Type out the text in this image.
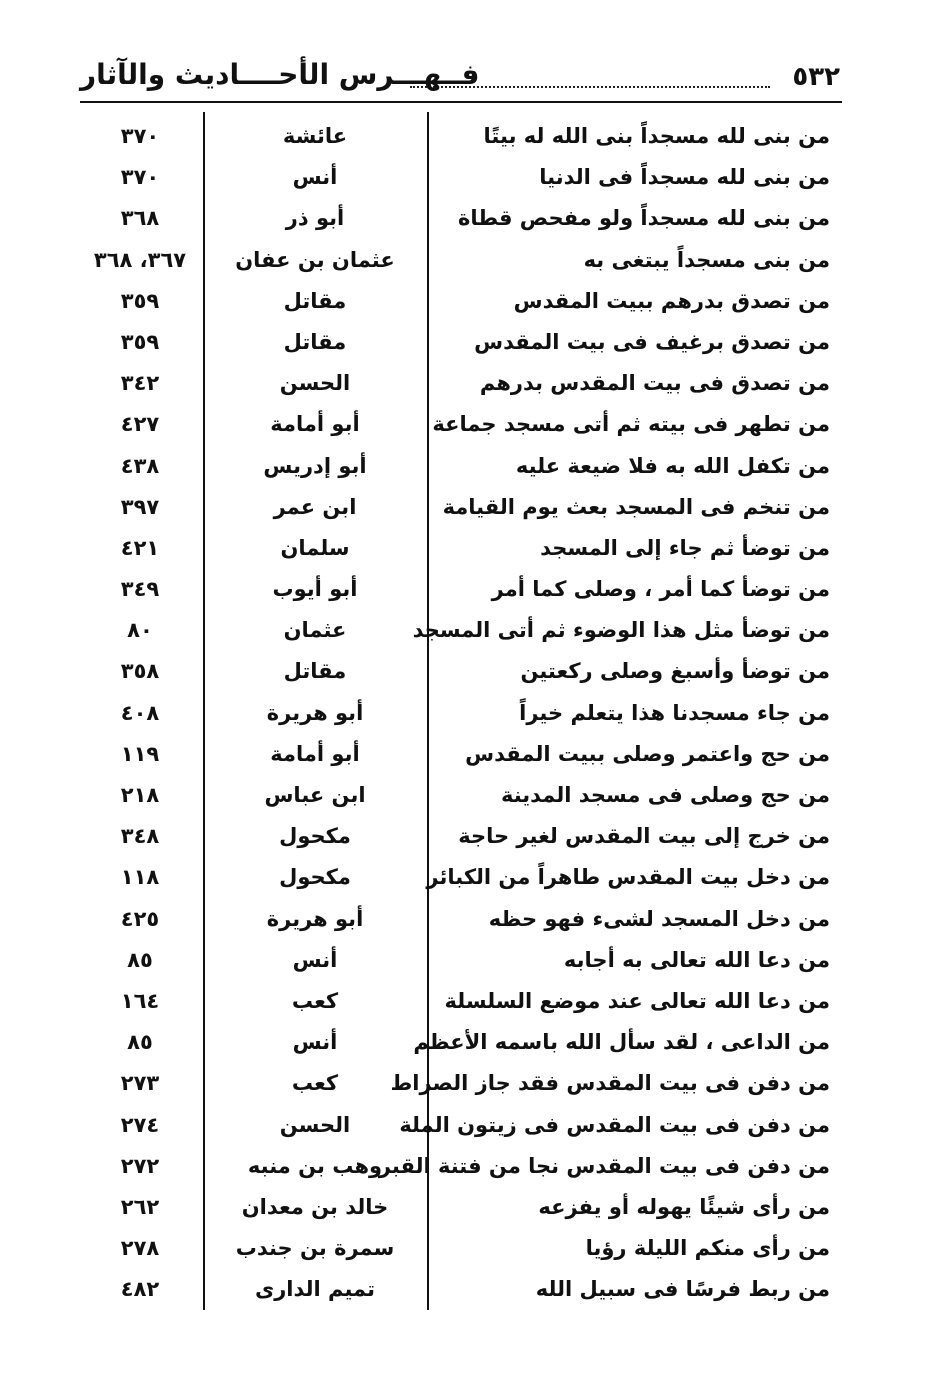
٥٣٢
فــهـــرس الأحــــاديث والآثار
من بنى لله مسجداً بنى الله له بيتًا
عائشة
٣٧٠
من بنى لله مسجداً فى الدنيا
أنس
٣٧٠
من بنى لله مسجداً ولو مفحص قطاة
أبو ذر
٣٦٨
من بنى مسجداً يبتغى به
عثمان بن عفان
٣٦٧، ٣٦٨
من تصدق بدرهم ببيت المقدس
مقاتل
٣٥٩
من تصدق برغيف فى بيت المقدس
مقاتل
٣٥٩
من تصدق فى بيت المقدس بدرهم
الحسن
٣٤٢
من تطهر فى بيته ثم أتى مسجد جماعة
أبو أمامة
٤٢٧
من تكفل الله به فلا ضيعة عليه
أبو إدريس
٤٣٨
من تنخم فى المسجد بعث يوم القيامة
ابن عمر
٣٩٧
من توضأ ثم جاء إلى المسجد
سلمان
٤٢١
من توضأ كما أمر ، وصلى كما أمر
أبو أيوب
٣٤٩
من توضأ مثل هذا الوضوء ثم أتى المسجد
عثمان
٨٠
من توضأ وأسبغ وصلى ركعتين
مقاتل
٣٥٨
من جاء مسجدنا هذا يتعلم خيراً
أبو هريرة
٤٠٨
من حج واعتمر وصلى ببيت المقدس
أبو أمامة
١١٩
من حج وصلى فى مسجد المدينة
ابن عباس
٢١٨
من خرج إلى بيت المقدس لغير حاجة
مكحول
٣٤٨
من دخل بيت المقدس طاهراً من الكبائر
مكحول
١١٨
من دخل المسجد لشىء فهو حظه
أبو هريرة
٤٢٥
من دعا الله تعالى به أجابه
أنس
٨٥
من دعا الله تعالى عند موضع السلسلة
كعب
١٦٤
من الداعى ، لقد سأل الله باسمه الأعظم
أنس
٨٥
من دفن فى بيت المقدس فقد جاز الصراط
كعب
٢٧٣
من دفن فى بيت المقدس فى زيتون الملة
الحسن
٢٧٤
من دفن فى بيت المقدس نجا من فتنة القبر
وهب بن منبه
٢٧٢
من رأى شيئًا يهوله أو يفزعه
خالد بن معدان
٢٦٢
من رأى منكم الليلة رؤيا
سمرة بن جندب
٢٧٨
من ربط فرسًا فى سبيل الله
تميم الدارى
٤٨٢
